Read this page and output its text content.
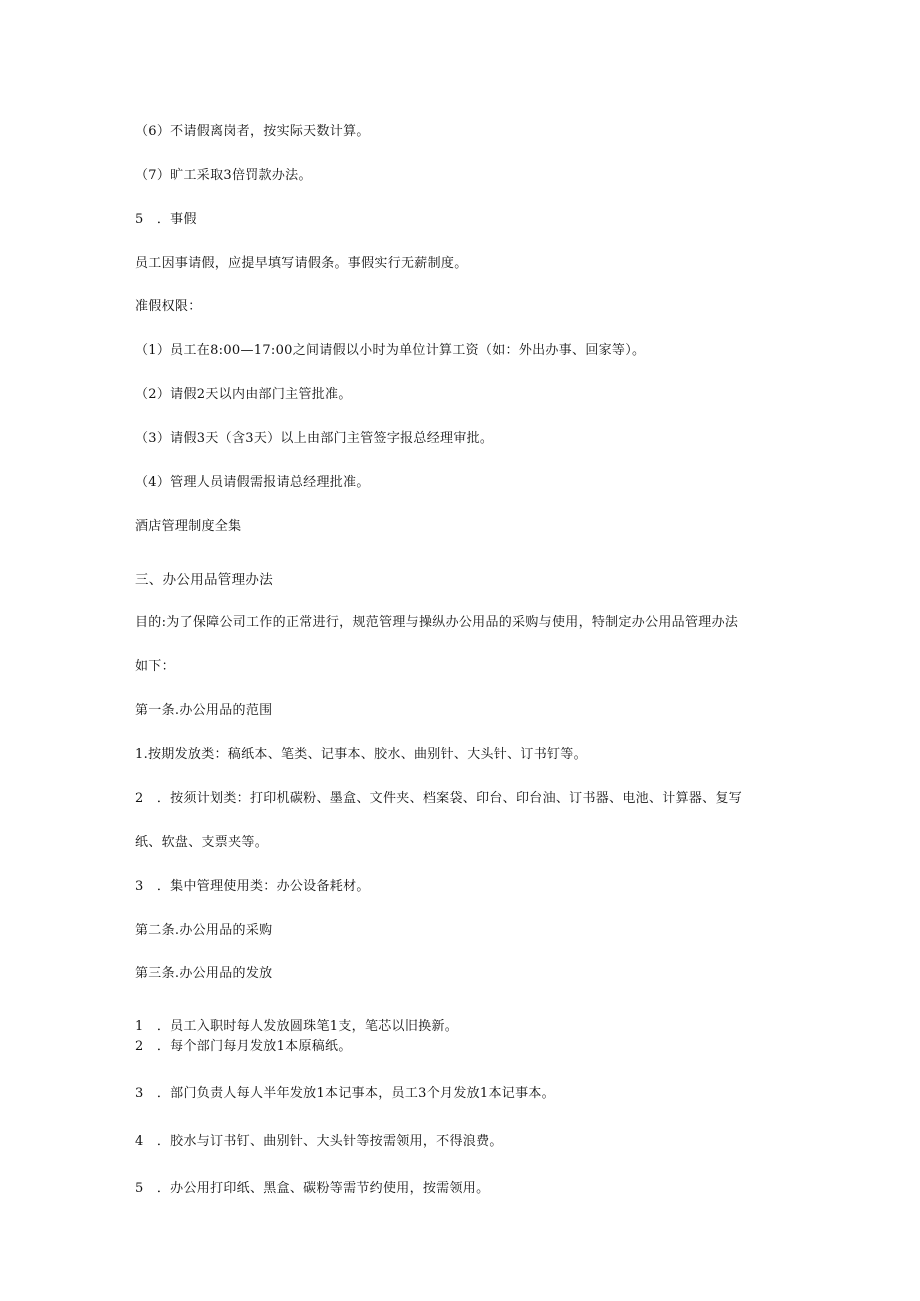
（6）不请假离岗者，按实际天数计算。
（7）旷工采取3倍罚款办法。
5　．事假
员工因事请假，应提早填写请假条。事假实行无薪制度。
准假权限：
（1）员工在8:00—17:00之间请假以小时为单位计算工资（如：外出办事、回家等）。
（2）请假2天以内由部门主管批准。
（3）请假3天（含3天）以上由部门主管签字报总经理审批。
（4）管理人员请假需报请总经理批准。
酒店管理制度全集
三、办公用品管理办法
目的:为了保障公司工作的正常进行，规范管理与操纵办公用品的采购与使用，特制定办公用品管理办法
如下：
第一条.办公用品的范围
1.按期发放类：稿纸本、笔类、记事本、胶水、曲别针、大头针、订书钉等。
2　．按须计划类：打印机碳粉、墨盒、文件夹、档案袋、印台、印台油、订书器、电池、计算器、复写
纸、软盘、支票夹等。
3　．集中管理使用类：办公设备耗材。
第二条.办公用品的采购
第三条.办公用品的发放
1　．员工入职时每人发放圆珠笔1支，笔芯以旧换新。
2　．每个部门每月发放1本原稿纸。
3　．部门负责人每人半年发放1本记事本，员工3个月发放1本记事本。
4　．胶水与订书钉、曲别针、大头针等按需领用，不得浪费。
5　．办公用打印纸、黑盒、碳粉等需节约使用，按需领用。
